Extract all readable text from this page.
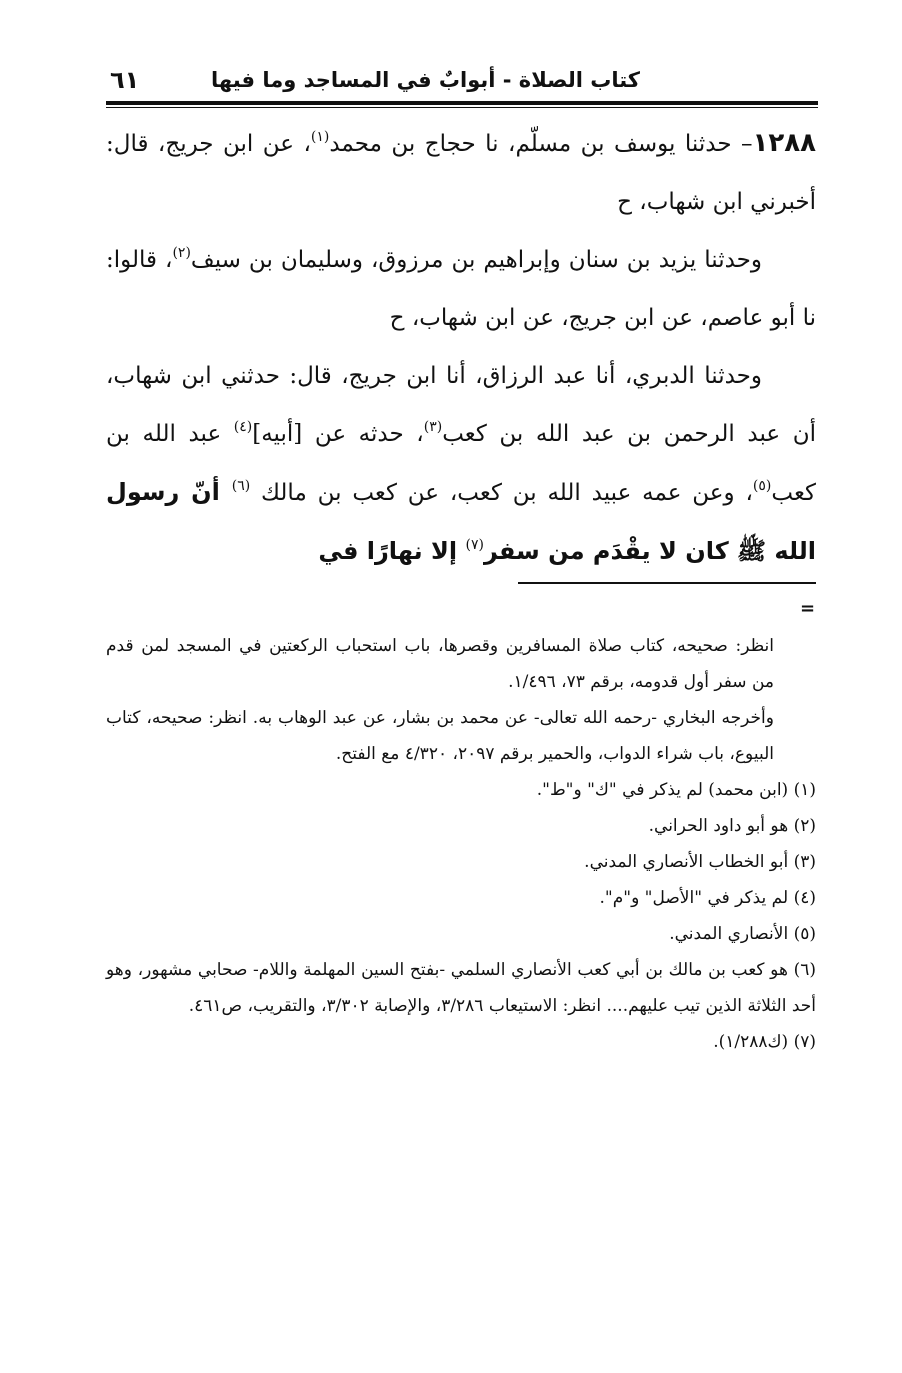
كتاب الصلاة - أبوابٌ في المساجد وما فيها
٦١

١٢٨٨– حدثنا يوسف بن مسلّم، نا حجاج بن محمد$^{(١)}$، عن ابن جريج، قال: أخبرني ابن شهاب، ح

وحدثنا يزيد بن سنان وإبراهيم بن مرزوق، وسليمان بن سيف$^{(٢)}$، قالوا: نا أبو عاصم، عن ابن جريج، عن ابن شهاب، ح

وحدثنا الدبري، أنا عبد الرزاق، أنا ابن جريج، قال: حدثني ابن شهاب، أن عبد الرحمن بن عبد الله بن كعب$^{(٣)}$، حدثه عن [أبيه]$^{(٤)}$ عبد الله بن كعب$^{(٥)}$، وعن عمه عبيد الله بن كعب، عن كعب بن مالك $^{(٦)}$ أنّ رسول الله ﷺ كان لا يقْدَم من سفر$^{(٧)}$ إلا نهارًا في

=

انظر: صحيحه، كتاب صلاة المسافرين وقصرها، باب استحباب الركعتين في المسجد لمن قدم من سفر أول قدومه، برقم ٧٣، ١/٤٩٦.

وأخرجه البخاري -رحمه الله تعالى- عن محمد بن بشار، عن عبد الوهاب به. انظر: صحيحه، كتاب البيوع، باب شراء الدواب، والحمير برقم ٢٠٩٧، ٤/٣٢٠ مع الفتح.

(١) (ابن محمد) لم يذكر في "ك" و"ط".

(٢) هو أبو داود الحراني.

(٣) أبو الخطاب الأنصاري المدني.

(٤) لم يذكر في "الأصل" و"م".

(٥) الأنصاري المدني.

(٦) هو كعب بن مالك بن أبي كعب الأنصاري السلمي -بفتح السين المهلمة واللام- صحابي مشهور، وهو أحد الثلاثة الذين تيب عليهم.... انظر: الاستيعاب ٣/٢٨٦، والإصابة ٣/٣٠٢، والتقريب، ص٤٦١.

(٧) (ك١/٢٨٨).
